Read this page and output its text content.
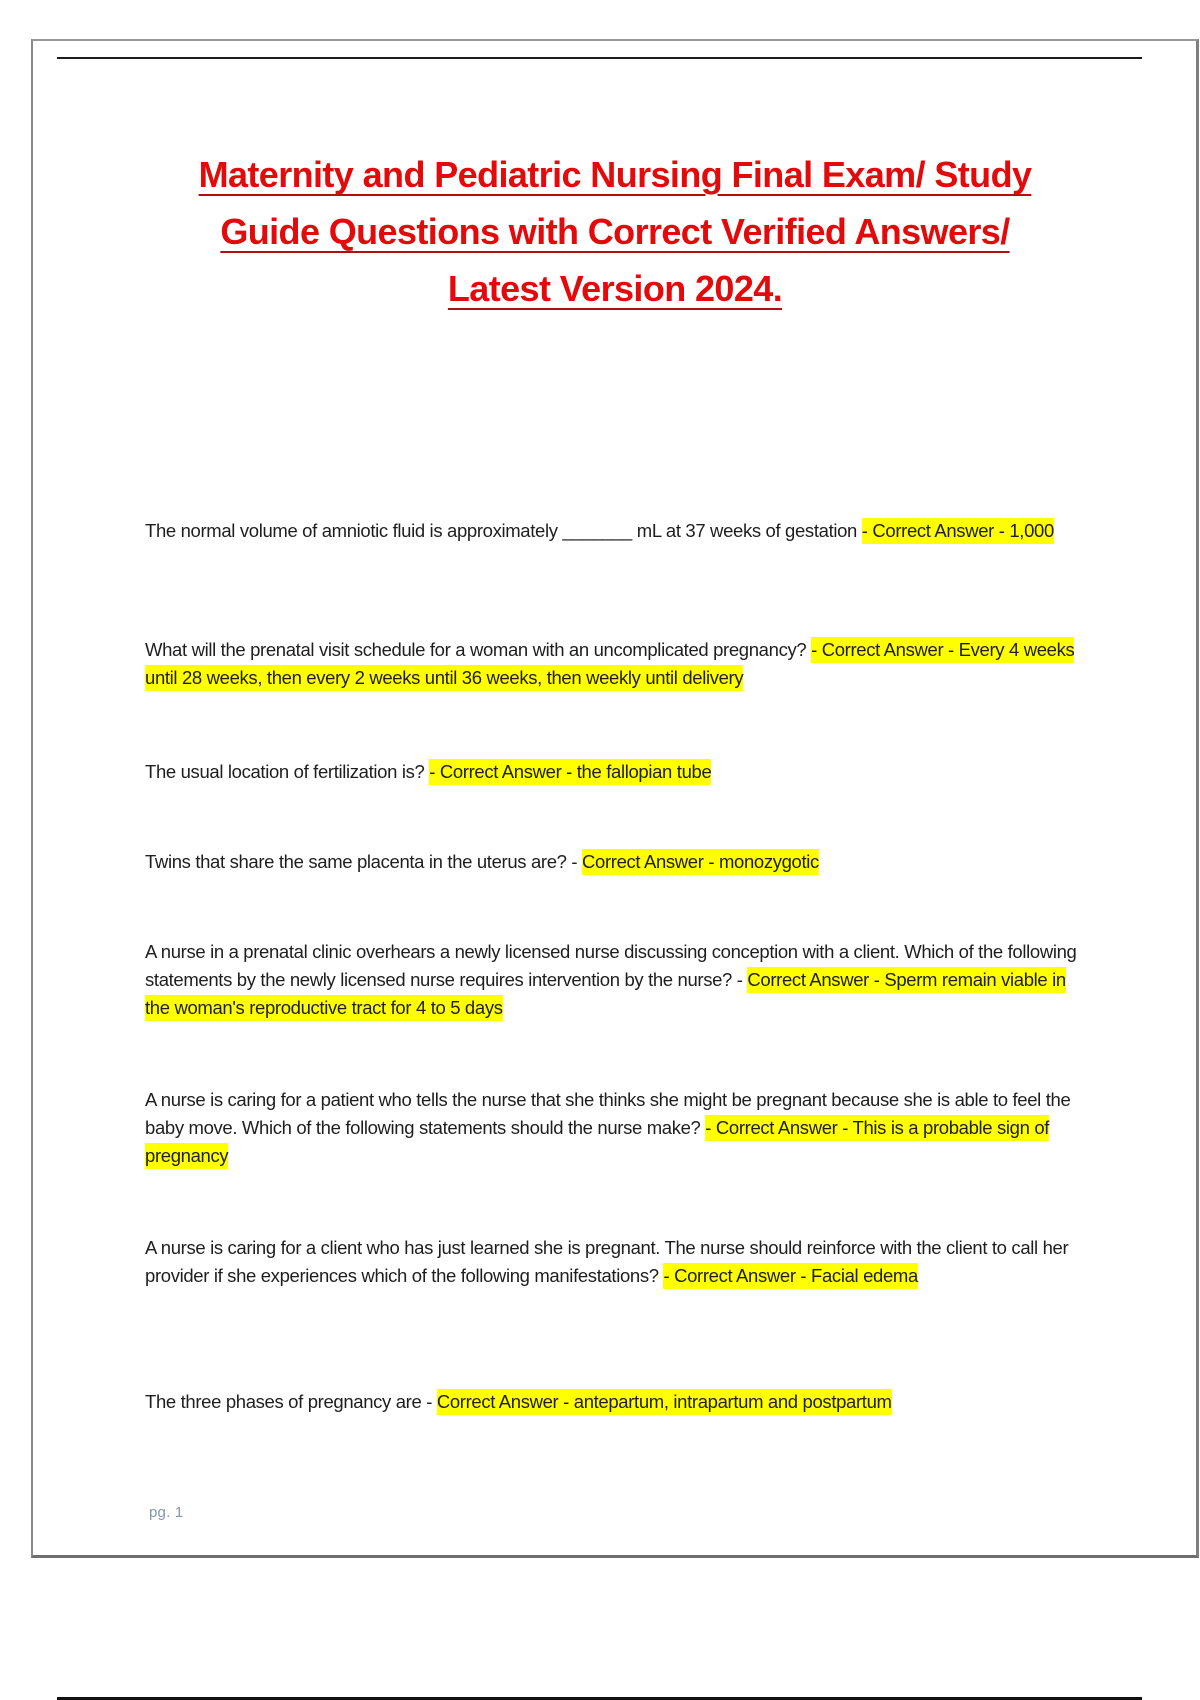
Maternity and Pediatric Nursing Final Exam/ Study
Guide Questions with Correct Verified Answers/
Latest Version 2024.

The normal volume of amniotic fluid is approximately _______ mL at 37 weeks of gestation - Correct Answer - 1,000

What will the prenatal visit schedule for a woman with an uncomplicated pregnancy? - Correct Answer - Every 4 weeks until 28 weeks, then every 2 weeks until 36 weeks, then weekly until delivery

The usual location of fertilization is? - Correct Answer - the fallopian tube

Twins that share the same placenta in the uterus are? - Correct Answer - monozygotic

A nurse in a prenatal clinic overhears a newly licensed nurse discussing conception with a client. Which of the following statements by the newly licensed nurse requires intervention by the nurse? - Correct Answer - Sperm remain viable in the woman's reproductive tract for 4 to 5 days

A nurse is caring for a patient who tells the nurse that she thinks she might be pregnant because she is able to feel the baby move. Which of the following statements should the nurse make? - Correct Answer - This is a probable sign of pregnancy

A nurse is caring for a client who has just learned she is pregnant. The nurse should reinforce with the client to call her provider if she experiences which of the following manifestations? - Correct Answer - Facial edema

The three phases of pregnancy are - Correct Answer - antepartum, intrapartum and postpartum

pg. 1
